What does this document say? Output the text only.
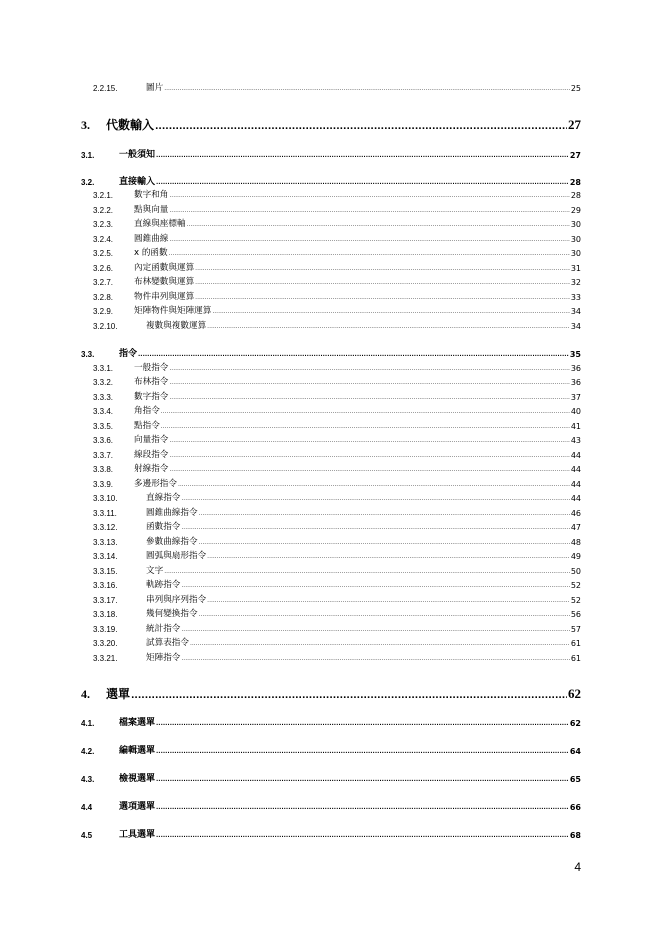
2.2.15.	圖片 .....	25
3.	代數輸入 .....	27
3.1.	一般須知 .....	27
3.2.	直接輸入 .....	28
3.2.1.	數字和角 .....	28
3.2.2.	點與向量 .....	29
3.2.3.	直線與座標軸 .....	30
3.2.4.	圓錐曲線 .....	30
3.2.5.	x 的函數 .....	30
3.2.6.	內定函數與運算 .....	31
3.2.7.	布林變數與運算 .....	32
3.2.8.	物件串列與運算 .....	33
3.2.9.	矩陣物件與矩陣運算 .....	34
3.2.10.	複數與複數運算 .....	34
3.3.	指令 .....	35
3.3.1.	一般指令 .....	36
3.3.2.	布林指令 .....	36
3.3.3.	數字指令 .....	37
3.3.4.	角指令 .....	40
3.3.5.	點指令 .....	41
3.3.6.	向量指令 .....	43
3.3.7.	線段指令 .....	44
3.3.8.	射線指令 .....	44
3.3.9.	多邊形指令 .....	44
3.3.10.	直線指令 .....	44
3.3.11.	圓錐曲線指令 .....	46
3.3.12.	函數指令 .....	47
3.3.13.	參數曲線指令 .....	48
3.3.14.	圓弧與扇形指令 .....	49
3.3.15.	文字 .....	50
3.3.16.	軌跡指令 .....	52
3.3.17.	串列與序列指令 .....	52
3.3.18.	幾何變換指令 .....	56
3.3.19.	統計指令 .....	57
3.3.20.	試算表指令 .....	61
3.3.21.	矩陣指令 .....	61
4.	選單 .....	62
4.1.	檔案選單 .....	62
4.2.	編輯選單 .....	64
4.3.	檢視選單 .....	65
4.4	選項選單 .....	66
4.5	工具選單 .....	68
4
